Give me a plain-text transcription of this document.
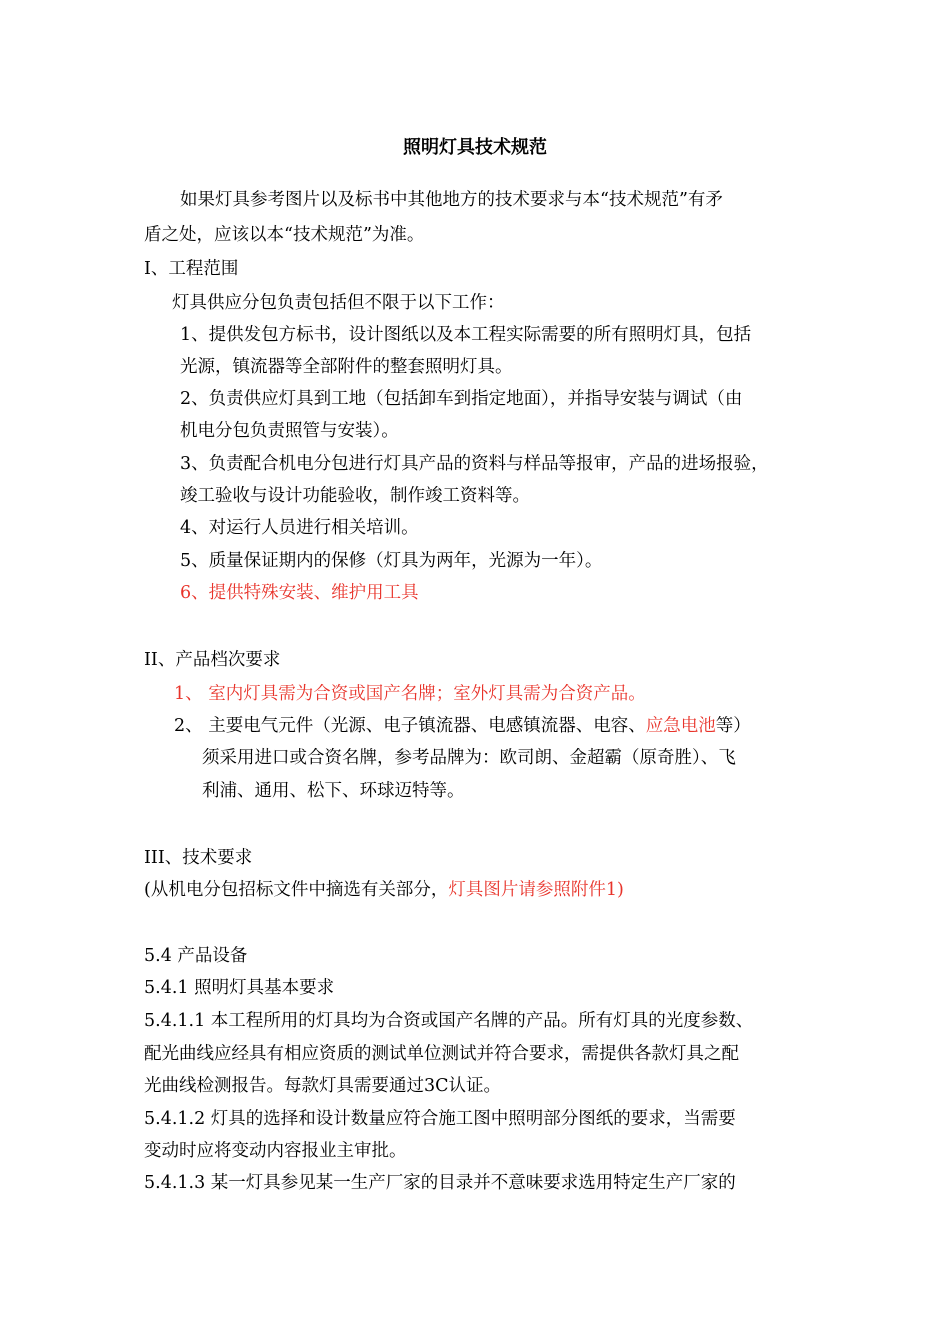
照明灯具技术规范
如果灯具参考图片以及标书中其他地方的技术要求与本“技术规范”有矛
盾之处，应该以本“技术规范”为准。
I、工程范围
灯具供应分包负责包括但不限于以下工作：
1、提供发包方标书，设计图纸以及本工程实际需要的所有照明灯具，包括
光源，镇流器等全部附件的整套照明灯具。
2、负责供应灯具到工地（包括卸车到指定地面），并指导安装与调试（由
机电分包负责照管与安装）。
3、负责配合机电分包进行灯具产品的资料与样品等报审，产品的进场报验，
竣工验收与设计功能验收，制作竣工资料等。
4、对运行人员进行相关培训。
5、质量保证期内的保修（灯具为两年，光源为一年）。
6、提供特殊安装、维护用工具
II、产品档次要求
1、 室内灯具需为合资或国产名牌；室外灯具需为合资产品。
2、 主要电气元件（光源、电子镇流器、电感镇流器、电容、应急电池等）
须采用进口或合资名牌，参考品牌为：欧司朗、金超霸（原奇胜）、飞
利浦、通用、松下、环球迈特等。
III、技术要求
(从机电分包招标文件中摘选有关部分，灯具图片请参照附件1)
5.4 产品设备
5.4.1 照明灯具基本要求
5.4.1.1 本工程所用的灯具均为合资或国产名牌的产品。所有灯具的光度参数、
配光曲线应经具有相应资质的测试单位测试并符合要求，需提供各款灯具之配
光曲线检测报告。每款灯具需要通过3C认证。
5.4.1.2 灯具的选择和设计数量应符合施工图中照明部分图纸的要求，当需要
变动时应将变动内容报业主审批。
5.4.1.3 某一灯具参见某一生产厂家的目录并不意味要求选用特定生产厂家的
